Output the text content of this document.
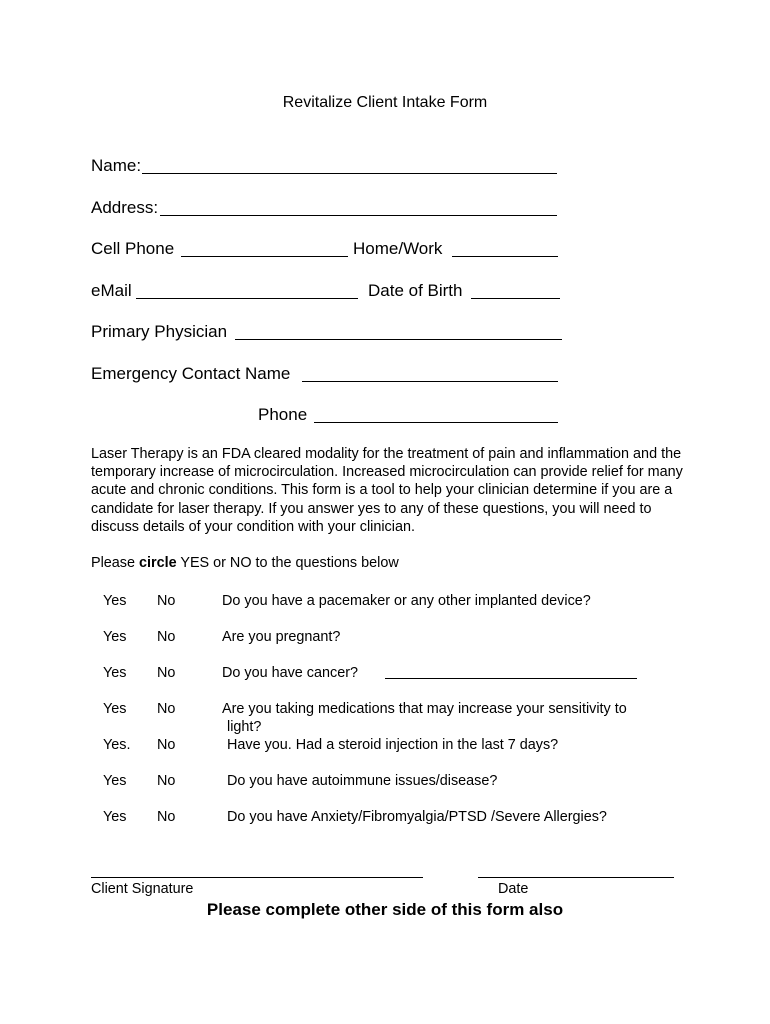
Revitalize Client Intake Form
Name:
Address:
Cell Phone	Home/Work
eMail	Date of Birth
Primary Physician
Emergency Contact Name
Phone
Laser Therapy is an FDA cleared modality for the treatment of pain and inflammation and the temporary increase of microcirculation. Increased microcirculation can provide relief for many acute and chronic conditions. This form is a tool to help your clinician determine if you are a candidate for laser therapy. If you answer yes to any of these questions, you will need to discuss details of your condition with your clinician.
Please circle YES or NO to the questions below
Yes No	Do you have a pacemaker or any other implanted device?
Yes No	Are you pregnant?
Yes No	Do you have cancer?
Yes No	Are you taking medications that may increase your sensitivity to
light?
Yes. No	Have you. Had a steroid injection in the last 7 days?
Yes No	Do you have autoimmune issues/disease?
Yes No	Do you have Anxiety/Fibromyalgia/PTSD /Severe Allergies?
Client Signature	Date
Please complete other side of this form also
